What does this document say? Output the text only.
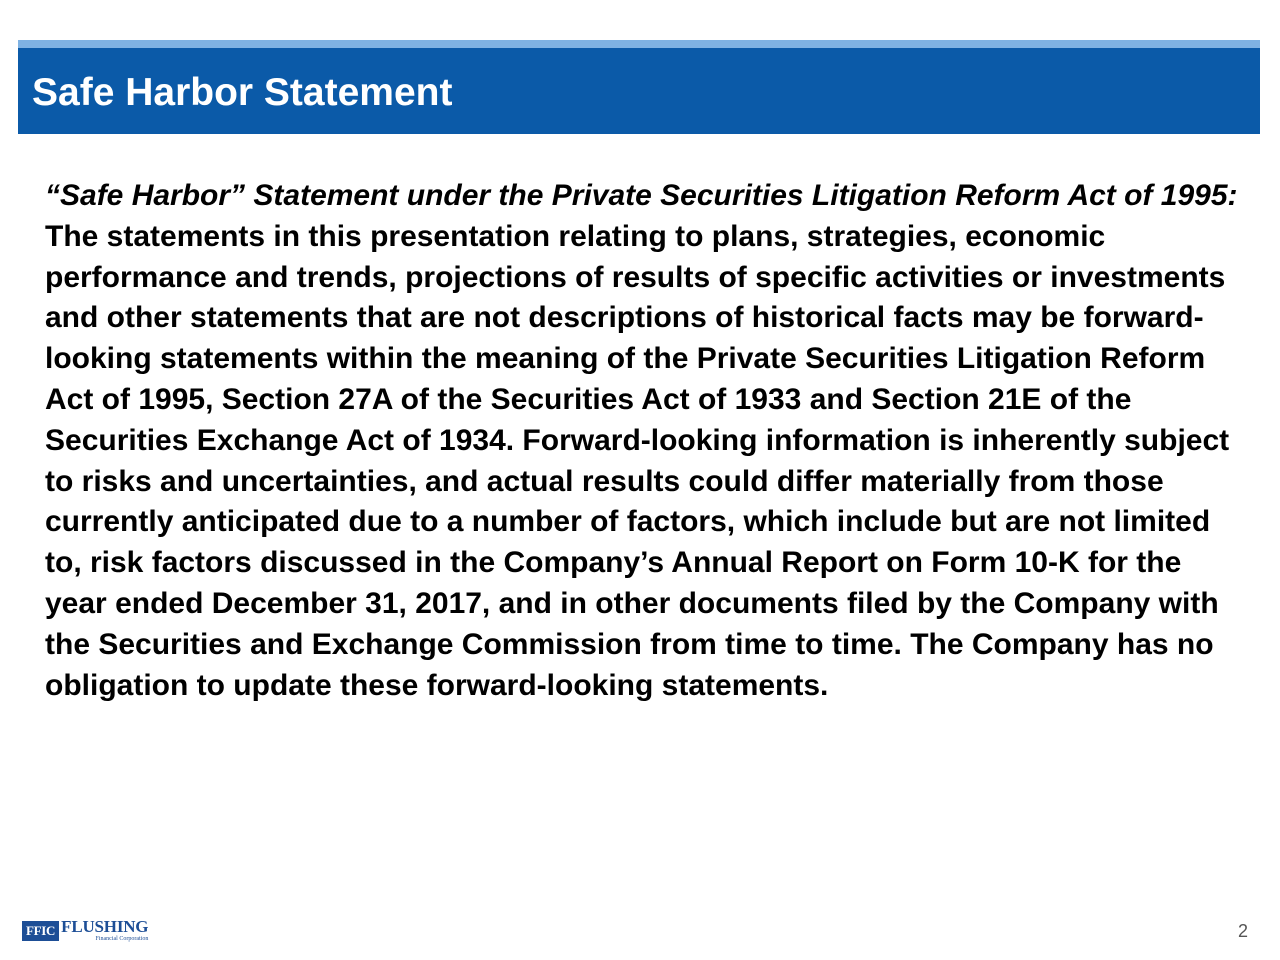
Safe Harbor Statement

“Safe Harbor” Statement under the Private Securities Litigation Reform Act of 1995: The statements in this presentation relating to plans, strategies, economic performance and trends, projections of results of specific activities or investments and other statements that are not descriptions of historical facts may be forward-looking statements within the meaning of the Private Securities Litigation Reform Act of 1995, Section 27A of the Securities Act of 1933 and Section 21E of the Securities Exchange Act of 1934. Forward-looking information is inherently subject to risks and uncertainties, and actual results could differ materially from those currently anticipated due to a number of factors, which include but are not limited to, risk factors discussed in the Company’s Annual Report on Form 10-K for the year ended December 31, 2017, and in other documents filed by the Company with the Securities and Exchange Commission from time to time. The Company has no obligation to update these forward-looking statements.

FFIC FLUSHING
Financial Corporation	2
